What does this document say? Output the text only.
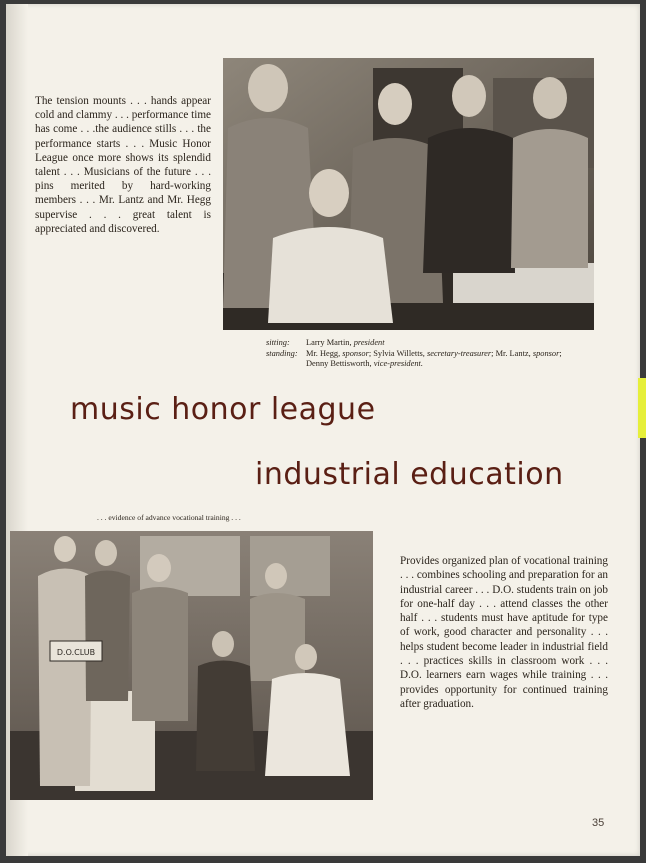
The tension mounts . . . hands appear cold and clammy . . . performance time has come . . .the audience stills . . . the performance starts . . . Music Honor League once more shows its splendid talent . . . Musicians of the future . . . pins merited by hard-working members . . . Mr. Lantz and Mr. Hegg supervise . . . great talent is appreciated and discovered.

sitting:	Larry Martin, president
standing: Mr. Hegg, sponsor; Sylvia Willetts, secretary-treasurer; Mr. Lantz, sponsor; Denny Bettisworth, vice-president.
music honor league
industrial education
. . . evidence of advance vocational training . . .
D.O.CLUB

Provides organized plan of vocational training . . . combines schooling and preparation for an industrial career . . . D.O. students train on job for one-half day . . . attend classes the other half . . . students must have aptitude for type of work, good character and personality . . . helps student become leader in industrial field . . . practices skills in classroom work . . . D.O. learners earn wages while training . . . provides opportunity for continued training after graduation.

35
